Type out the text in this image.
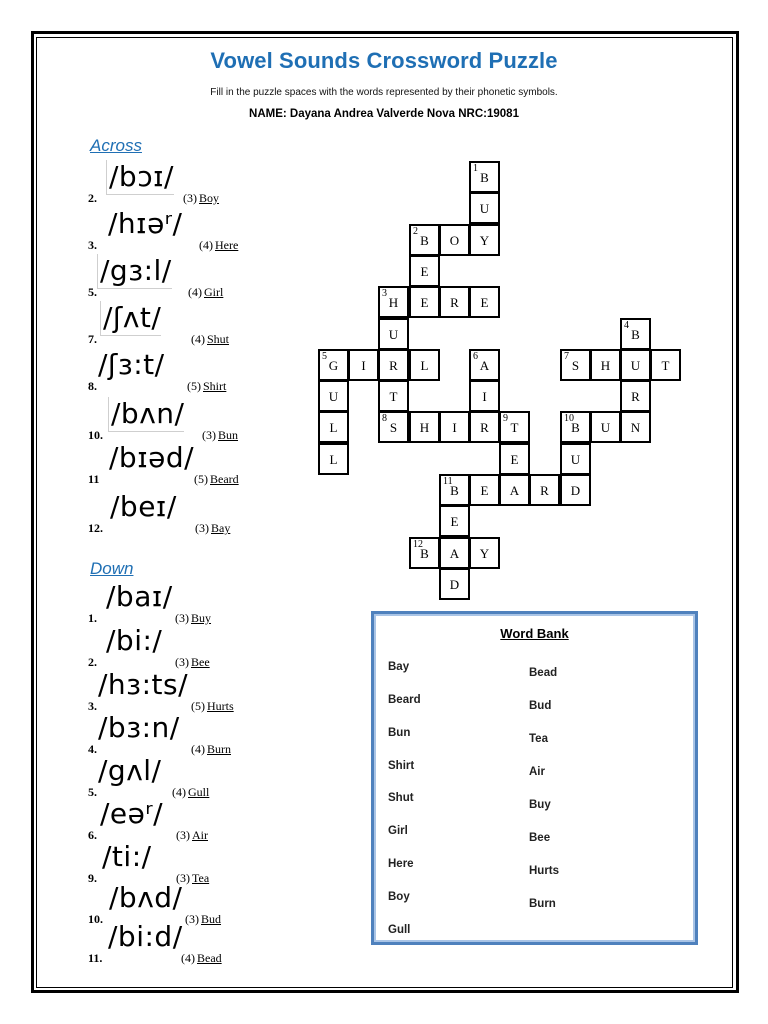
Vowel Sounds Crossword Puzzle
Fill in the puzzle spaces with the words represented by their phonetic symbols.
NAME: Dayana Andrea Valverde Nova NRC:19081
Across
2.
/bɔɪ/
(3) Boy
3.
/hɪəʳ/
(4) Here
5.
/gɜ:l/
(4) Girl
7.
/ʃʌt/
(4) Shut
8.
/ʃɜ:t/
(5) Shirt
10.
/bʌn/
(3) Bun
11
/bɪəd/
(5) Beard
12.
/beɪ/
(3) Bay
Down
1.
/baɪ/
(3) Buy
2.
/bi:/
(3) Bee
3.
/hɜ:ts/
(5) Hurts
4.
/bɜ:n/
(4) Burn
5.
/gʌl/
(4) Gull
6.
/eəʳ/
(3) Air
9.
/ti:/
(3) Tea
10.
/bʌd/
(3) Bud
11.
/bi:d/
(4) Bead
1
B
U
2
B O Y
E
3
H E R E
U
4
B
5
G I R L
6
A
7
S H U T
U	T	I	R
L
8
S H I R
9
T
10
B U N
L	E	U
11
B E A R D
E
12
B A Y
D
Word Bank
Bay
Beard
Bun
Shirt
Shut
Girl
Here
Boy
Gull
Bead
Bud
Tea
Air
Buy
Bee
Hurts
Burn
